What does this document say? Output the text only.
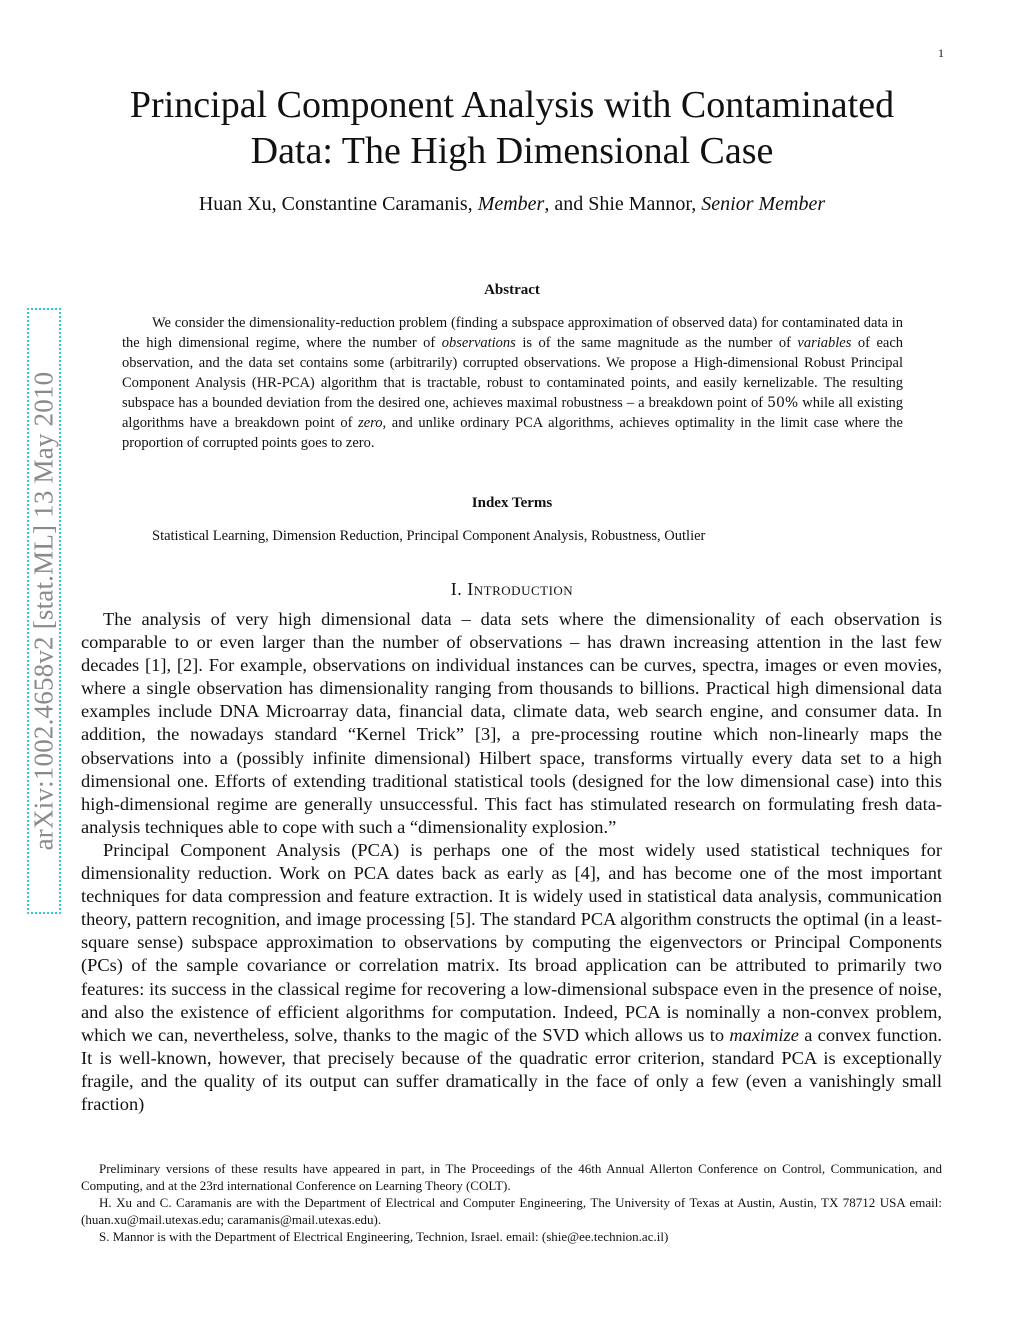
1
arXiv:1002.4658v2 [stat.ML] 13 May 2010
Principal Component Analysis with Contaminated
Data: The High Dimensional Case
Huan Xu, Constantine Caramanis, Member, and Shie Mannor, Senior Member
Abstract

We consider the dimensionality-reduction problem (finding a subspace approximation of observed data) for contaminated data in the high dimensional regime, where the number of observations is of the same magnitude as the number of variables of each observation, and the data set contains some (arbitrarily) corrupted observations. We propose a High-dimensional Robust Principal Component Analysis (HR-PCA) algorithm that is tractable, robust to contaminated points, and easily kernelizable. The resulting subspace has a bounded deviation from the desired one, achieves maximal robustness – a breakdown point of 50% while all existing algorithms have a breakdown point of zero, and unlike ordinary PCA algorithms, achieves optimality in the limit case where the proportion of corrupted points goes to zero.

Index Terms
Statistical Learning, Dimension Reduction, Principal Component Analysis, Robustness, Outlier
I. Introduction

The analysis of very high dimensional data – data sets where the dimensionality of each observation is comparable to or even larger than the number of observations – has drawn increasing attention in the last few decades [1], [2]. For example, observations on individual instances can be curves, spectra, images or even movies, where a single observation has dimensionality ranging from thousands to billions. Practical high dimensional data examples include DNA Microarray data, financial data, climate data, web search engine, and consumer data. In addition, the nowadays standard “Kernel Trick” [3], a pre-processing routine which non-linearly maps the observations into a (possibly infinite dimensional) Hilbert space, transforms virtually every data set to a high dimensional one. Efforts of extending traditional statistical tools (designed for the low dimensional case) into this high-dimensional regime are generally unsuccessful. This fact has stimulated research on formulating fresh data-analysis techniques able to cope with such a “dimensionality explosion.”

Principal Component Analysis (PCA) is perhaps one of the most widely used statistical techniques for dimensionality reduction. Work on PCA dates back as early as [4], and has become one of the most important techniques for data compression and feature extraction. It is widely used in statistical data analysis, communication theory, pattern recognition, and image processing [5]. The standard PCA algorithm constructs the optimal (in a least-square sense) subspace approximation to observations by computing the eigenvectors or Principal Components (PCs) of the sample covariance or correlation matrix. Its broad application can be attributed to primarily two features: its success in the classical regime for recovering a low-dimensional subspace even in the presence of noise, and also the existence of efficient algorithms for computation. Indeed, PCA is nominally a non-convex problem, which we can, nevertheless, solve, thanks to the magic of the SVD which allows us to maximize a convex function. It is well-known, however, that precisely because of the quadratic error criterion, standard PCA is exceptionally fragile, and the quality of its output can suffer dramatically in the face of only a few (even a vanishingly small fraction)

Preliminary versions of these results have appeared in part, in The Proceedings of the 46th Annual Allerton Conference on Control, Communication, and Computing, and at the 23rd international Conference on Learning Theory (COLT).

H. Xu and C. Caramanis are with the Department of Electrical and Computer Engineering, The University of Texas at Austin, Austin, TX 78712 USA email: (huan.xu@mail.utexas.edu; caramanis@mail.utexas.edu).

S. Mannor is with the Department of Electrical Engineering, Technion, Israel. email: (shie@ee.technion.ac.il)
